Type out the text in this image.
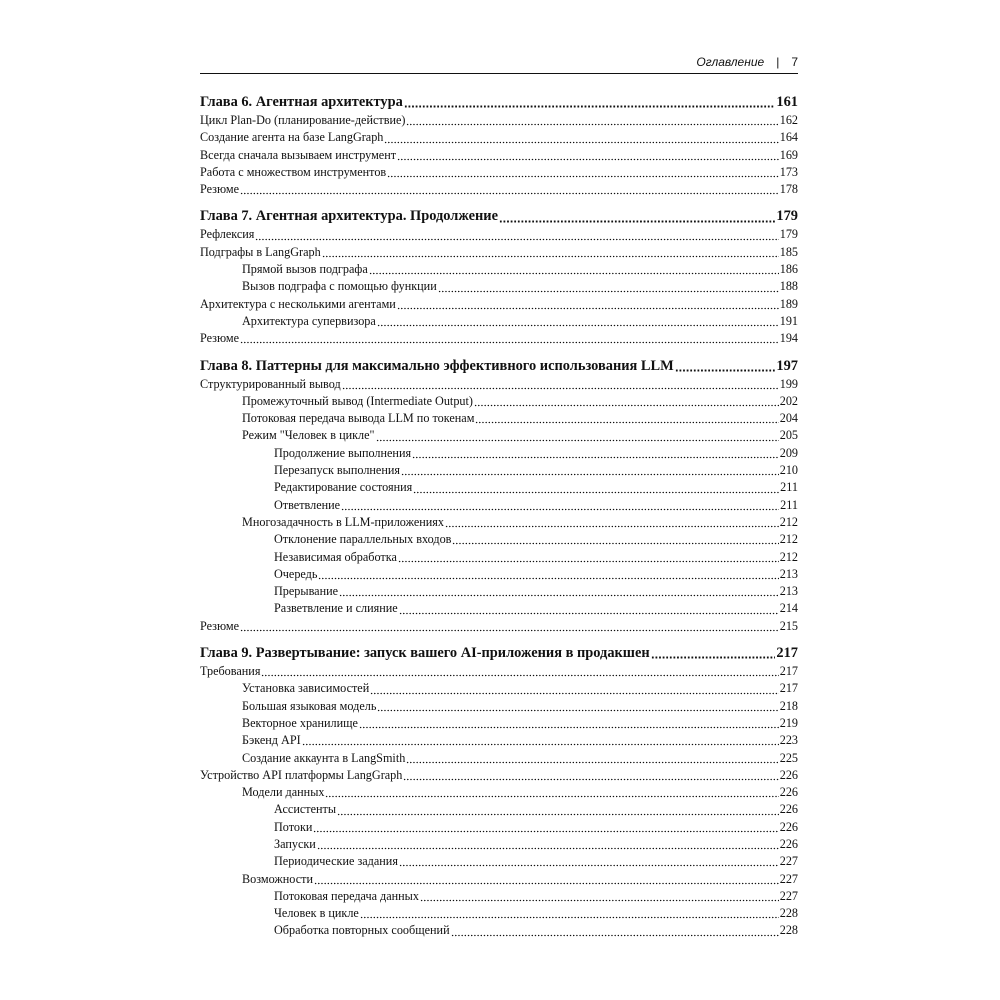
Оглавление | 7
Глава 6. Агентная архитектура	161
Цикл Plan-Do (планирование-действие)	162
Создание агента на базе LangGraph	164
Всегда сначала вызываем инструмент	169
Работа с множеством инструментов	173
Резюме	178
Глава 7. Агентная архитектура. Продолжение	179
Рефлексия	179
Подграфы в LangGraph	185
Прямой вызов подграфа	186
Вызов подграфа с помощью функции	188
Архитектура с несколькими агентами	189
Архитектура супервизора	191
Резюме	194
Глава 8. Паттерны для максимально эффективного использования LLM	197
Структурированный вывод	199
Промежуточный вывод (Intermediate Output)	202
Потоковая передача вывода LLM по токенам	204
Режим "Человек в цикле"	205
Продолжение выполнения	209
Перезапуск выполнения	210
Редактирование состояния	211
Ответвление	211
Многозадачность в LLM-приложениях	212
Отклонение параллельных входов	212
Независимая обработка	212
Очередь	213
Прерывание	213
Разветвление и слияние	214
Резюме	215
Глава 9. Развертывание: запуск вашего AI-приложения в продакшен	217
Требования	217
Установка зависимостей	217
Большая языковая модель	218
Векторное хранилище	219
Бэкенд API	223
Создание аккаунта в LangSmith	225
Устройство API платформы LangGraph	226
Модели данных	226
Ассистенты	226
Потоки	226
Запуски	226
Периодические задания	227
Возможности	227
Потоковая передача данных	227
Человек в цикле	228
Обработка повторных сообщений	228
